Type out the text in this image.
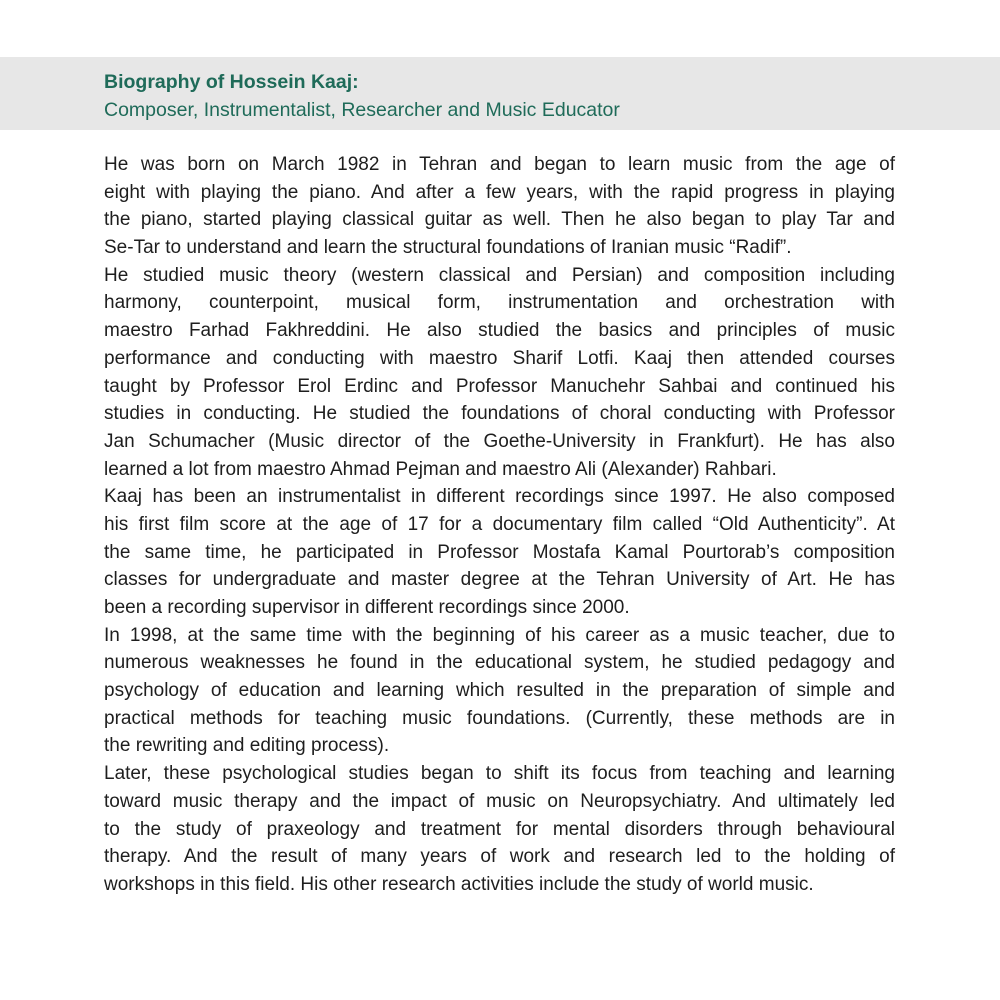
Biography of Hossein Kaaj:
Composer, Instrumentalist, Researcher and Music Educator
He was born on March 1982 in Tehran and began to learn music from the age of
eight with playing the piano. And after a few years, with the rapid progress in playing
the piano, started playing classical guitar as well. Then he also began to play Tar and
Se-Tar to understand and learn the structural foundations of Iranian music “Radif”.
He studied music theory (western classical and Persian) and composition including
harmony, counterpoint, musical form, instrumentation and orchestration with
maestro Farhad Fakhreddini. He also studied the basics and principles of music
performance and conducting with maestro Sharif Lotfi. Kaaj then attended courses
taught by Professor Erol Erdinc and Professor Manuchehr Sahbai and continued his
studies in conducting. He studied the foundations of choral conducting with Professor
Jan Schumacher (Music director of the Goethe-University in Frankfurt). He has also
learned a lot from maestro Ahmad Pejman and maestro Ali (Alexander) Rahbari.
Kaaj has been an instrumentalist in different recordings since 1997. He also composed
his first film score at the age of 17 for a documentary film called “Old Authenticity”. At
the same time, he participated in Professor Mostafa Kamal Pourtorab’s composition
classes for undergraduate and master degree at the Tehran University of Art. He has
been a recording supervisor in different recordings since 2000.
In 1998, at the same time with the beginning of his career as a music teacher, due to
numerous weaknesses he found in the educational system, he studied pedagogy and
psychology of education and learning which resulted in the preparation of simple and
practical methods for teaching music foundations. (Currently, these methods are in
the rewriting and editing process).
Later, these psychological studies began to shift its focus from teaching and learning
toward music therapy and the impact of music on Neuropsychiatry. And ultimately led
to the study of praxeology and treatment for mental disorders through behavioural
therapy. And the result of many years of work and research led to the holding of
workshops in this field. His other research activities include the study of world music.
